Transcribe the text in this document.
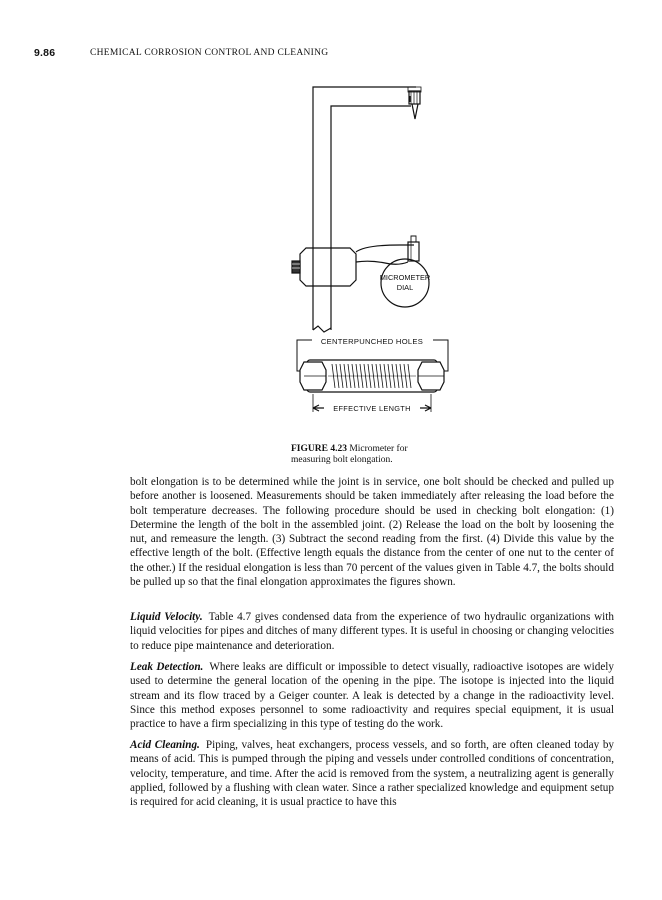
9.86	CHEMICAL CORROSION CONTROL AND CLEANING
MICROMETER
DIAL
CENTERPUNCHED HOLES
EFFECTIVE LENGTH
FIGURE 4.23 Micrometer for measuring bolt elongation.

bolt elongation is to be determined while the joint is in service, one bolt should be checked and pulled up before another is loosened. Measurements should be taken immediately after releasing the load before the bolt temperature decreases. The following procedure should be used in checking bolt elongation: (1) Determine the length of the bolt in the assembled joint. (2) Release the load on the bolt by loosening the nut, and remeasure the length. (3) Subtract the second reading from the first. (4) Divide this value by the effective length of the bolt. (Effective length equals the distance from the center of one nut to the center of the other.) If the residual elongation is less than 70 percent of the values given in Table 4.7, the bolts should be pulled up so that the final elongation approximates the figures shown.

Liquid Velocity. Table 4.7 gives condensed data from the experience of two hydraulic organizations with liquid velocities for pipes and ditches of many different types. It is useful in choosing or changing velocities to reduce pipe maintenance and deterioration.

Leak Detection. Where leaks are difficult or impossible to detect visually, radioactive isotopes are widely used to determine the general location of the opening in the pipe. The isotope is injected into the liquid stream and its flow traced by a Geiger counter. A leak is detected by a change in the radioactivity level. Since this method exposes personnel to some radioactivity and requires special equipment, it is usual practice to have a firm specializing in this type of testing do the work.

Acid Cleaning. Piping, valves, heat exchangers, process vessels, and so forth, are often cleaned today by means of acid. This is pumped through the piping and vessels under controlled conditions of concentration, velocity, temperature, and time. After the acid is removed from the system, a neutralizing agent is generally applied, followed by a flushing with clean water. Since a rather specialized knowledge and equipment setup is required for acid cleaning, it is usual practice to have this
